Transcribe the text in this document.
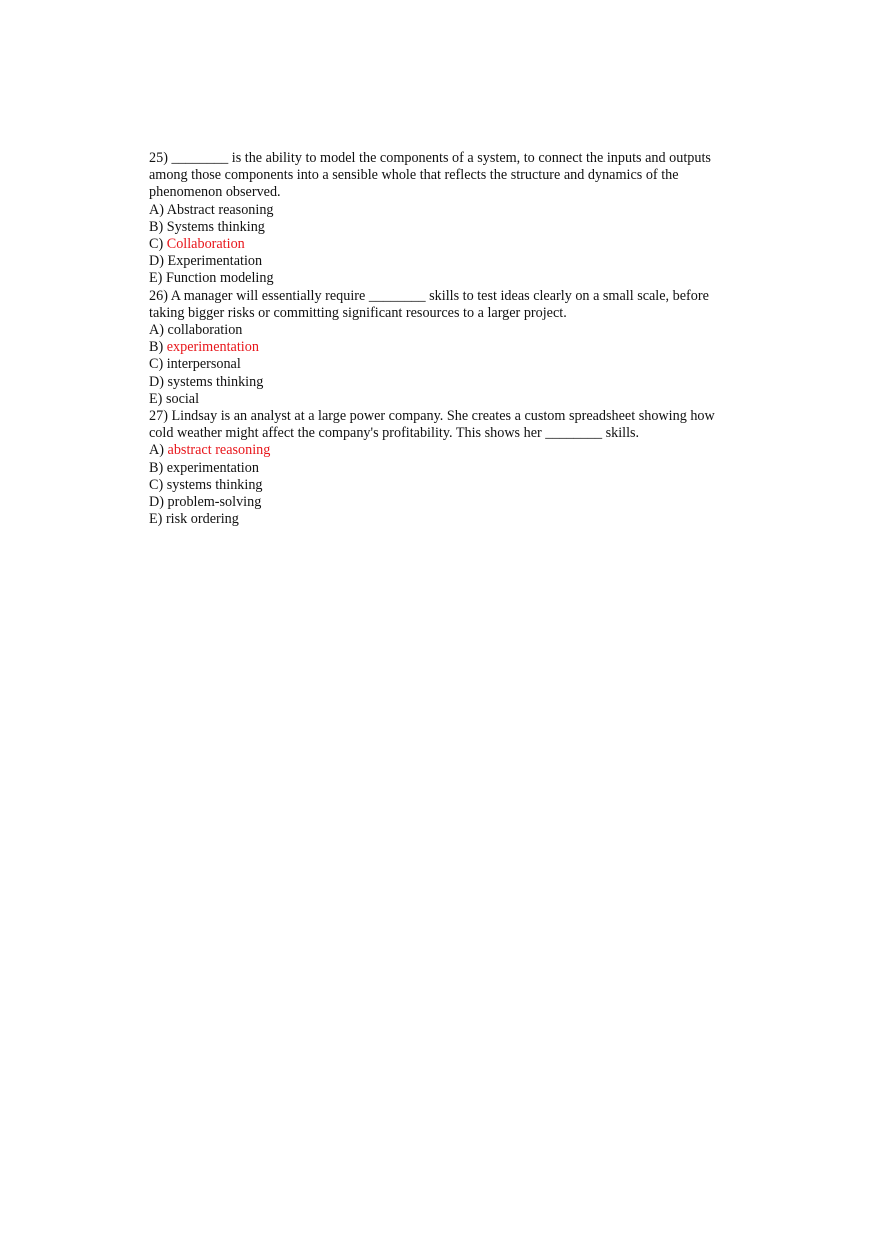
25) ________ is the ability to model the components of a system, to connect the inputs and outputs among those components into a sensible whole that reflects the structure and dynamics of the phenomenon observed.

A) Abstract reasoning

B) Systems thinking

C) Collaboration

D) Experimentation

E) Function modeling

26) A manager will essentially require ________ skills to test ideas clearly on a small scale, before taking bigger risks or committing significant resources to a larger project.

A) collaboration

B) experimentation

C) interpersonal

D) systems thinking

E) social

27) Lindsay is an analyst at a large power company. She creates a custom spreadsheet showing how cold weather might affect the company's profitability. This shows her ________ skills.

A) abstract reasoning

B) experimentation

C) systems thinking

D) problem-solving

E) risk ordering
